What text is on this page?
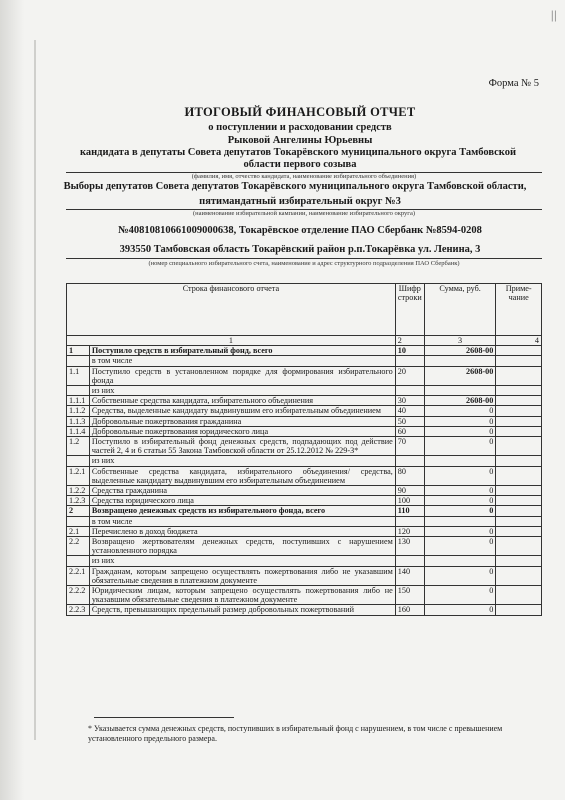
||
Форма № 5
ИТОГОВЫЙ ФИНАНСОВЫЙ ОТЧЕТ
о поступлении и расходовании средств
Рыковой Ангелины Юрьевны
кандидата в депутаты Совета депутатов Токарёвского муниципального округа Тамбовской
области первого созыва
(фамилия, имя, отчество кандидата, наименование избирательного объединения)
Выборы депутатов Совета депутатов Токарёвского муниципального округа Тамбовской области,
пятимандатный избирательный округ №3
(наименование избирательной кампании, наименование избирательного округа)
№40810810661009000638, Токарёвское отделение ПАО Сбербанк №8594-0208
393550 Тамбовская область Токарёвский район р.п.Токарёвка ул. Ленина, 3
(номер специального избирательного счета, наименование и адрес структурного подразделения ПАО Сбербанк)
Строка финансового отчета		Шифр строки	Сумма, руб.	Приме-чание
1		2	3	4
1	Поступило средств в избирательный фонд, всего	10	2608-00	
	в том числе			
1.1	Поступило средств в установленном порядке для формирования избирательного фонда	20	2608-00	
	из них			
1.1.1	Собственные средства кандидата, избирательного объединения	30	2608-00	
1.1.2	Средства, выделенные кандидату выдвинувшим его избирательным объединением	40	0	
1.1.3	Добровольные пожертвования гражданина	50	0	
1.1.4	Добровольные пожертвования юридического лица	60	0	
1.2	Поступило в избирательный фонд денежных средств, подпадающих под действие частей 2, 4 и 6 статьи 55 Закона Тамбовской области от 25.12.2012 № 229-З*	70	0	
	из них			
1.2.1	Собственные средства кандидата, избирательного объединения/ средства, выделенные кандидату выдвинувшим его избирательным объединением	80	0	
1.2.2	Средства гражданина	90	0	
1.2.3	Средства юридического лица	100	0	
2	Возвращено денежных средств из избирательного фонда, всего	110	0	
	в том числе			
2.1	Перечислено в доход бюджета	120	0	
2.2	Возвращено жертвователям денежных средств, поступивших с нарушением установленного порядка	130	0	
	из них			
2.2.1	Гражданам, которым запрещено осуществлять пожертвования либо не указавшим обязательные сведения в платежном документе	140	0	
2.2.2	Юридическим лицам, которым запрещено осуществлять пожертвования либо не указавшим обязательные сведения в платежном документе	150	0	
2.2.3	Средств, превышающих предельный размер добровольных пожертвований	160	0	
* Указывается сумма денежных средств, поступивших в избирательный фонд с нарушением, в том числе с превышением установленного предельного размера.
